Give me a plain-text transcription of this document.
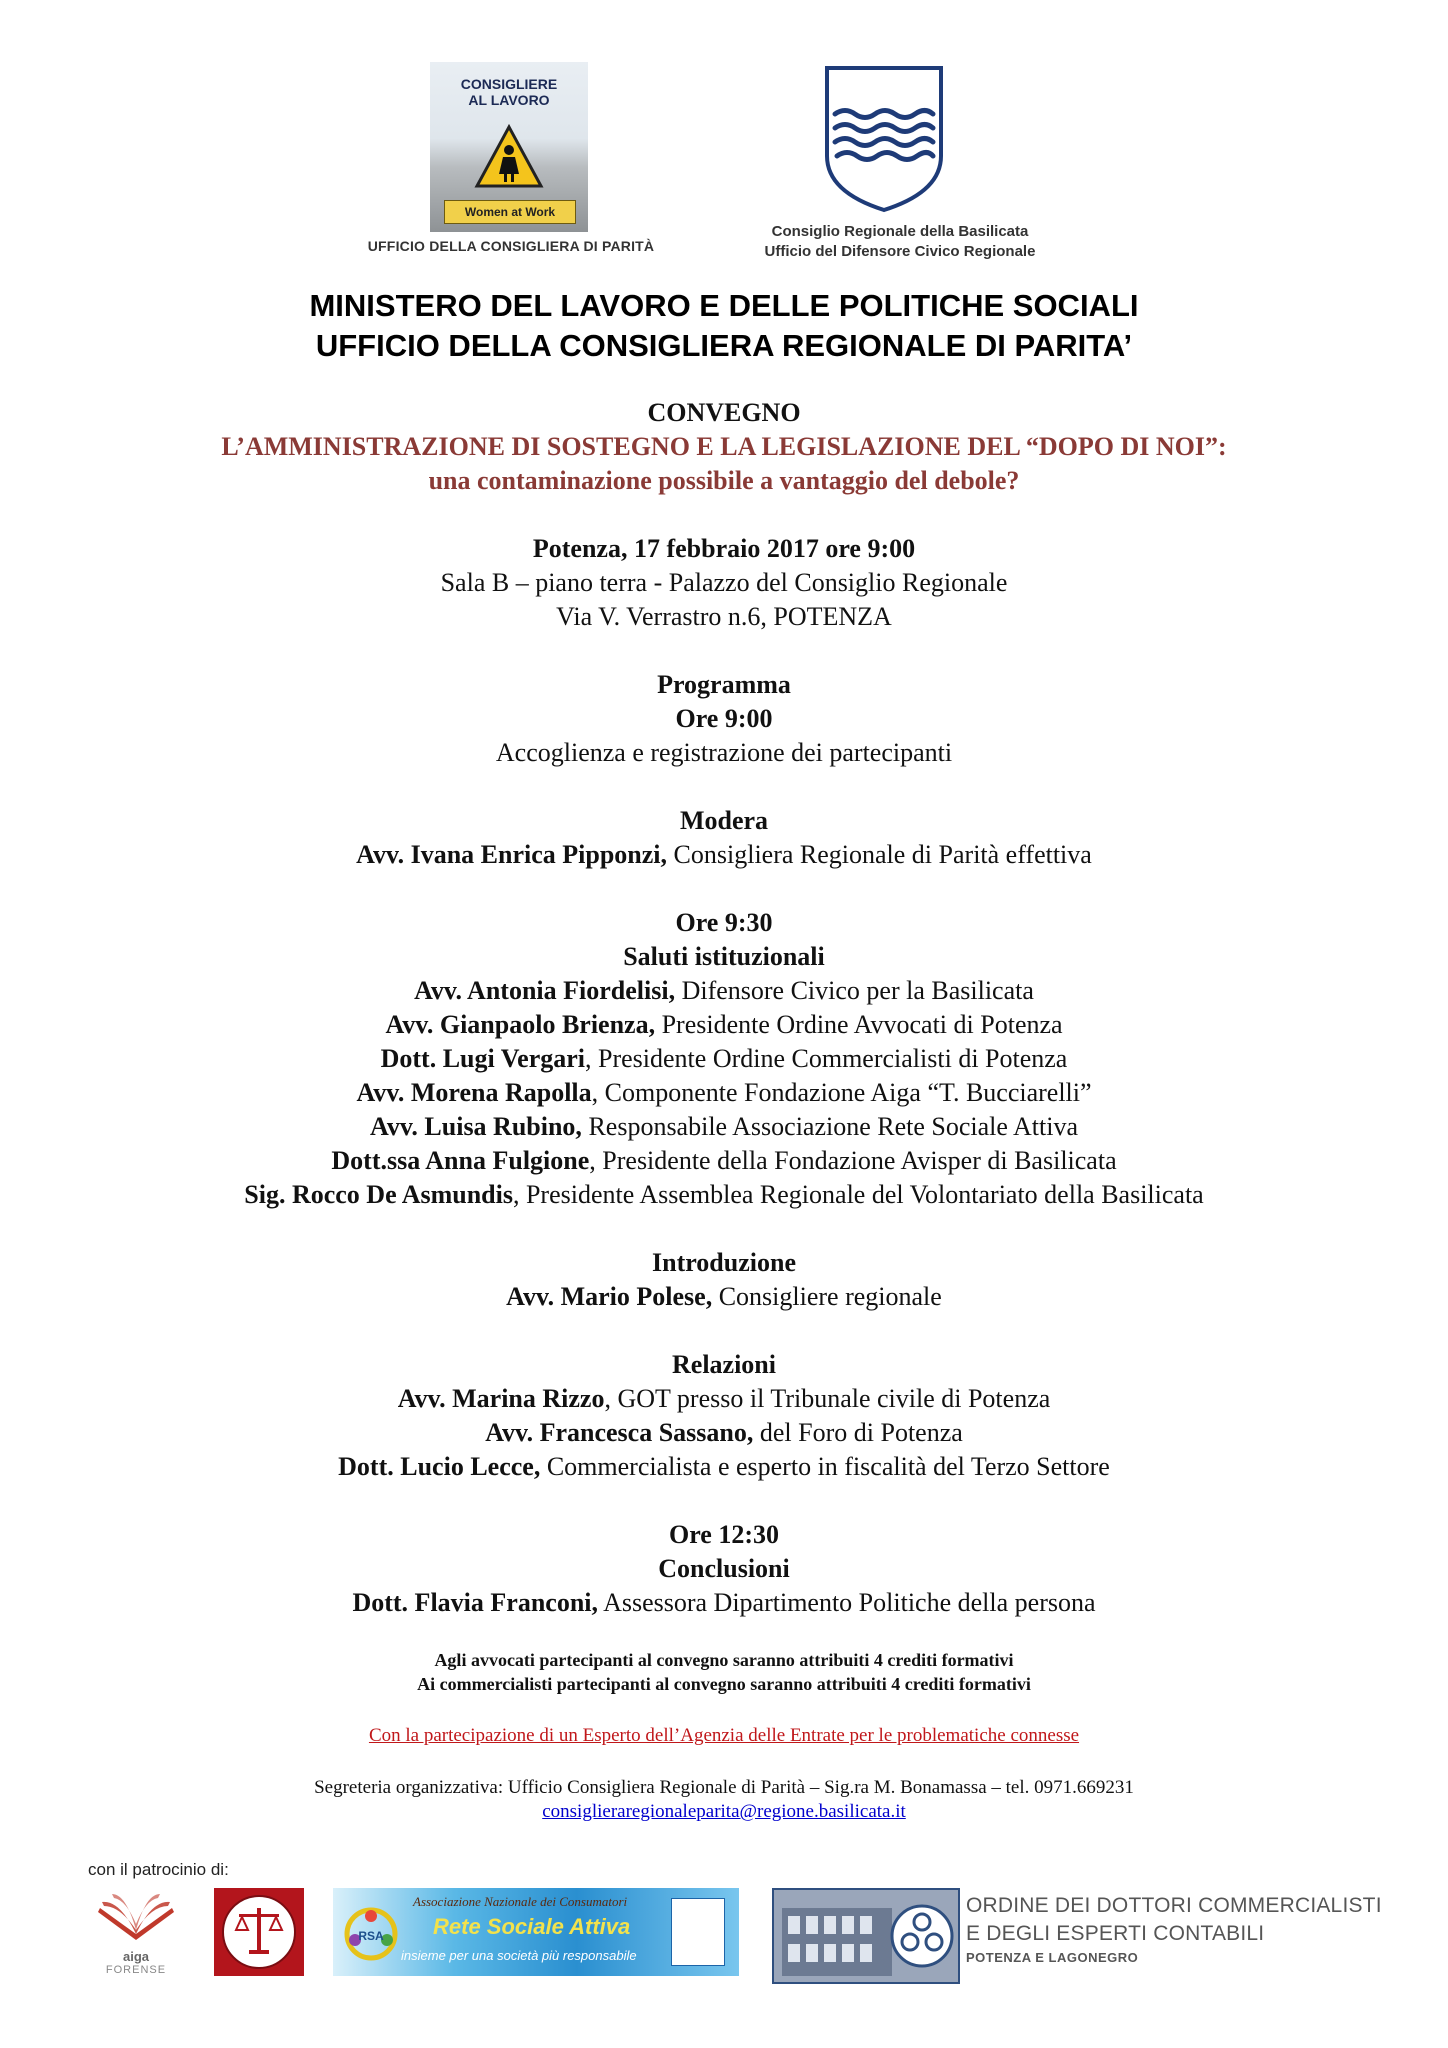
CONSIGLIERE
AL LAVORO
Women at Work
UFFICIO DELLA CONSIGLIERA DI PARITÀ
Consiglio Regionale della Basilicata
Ufficio del Difensore Civico Regionale
MINISTERO DEL LAVORO E DELLE POLITICHE SOCIALI
UFFICIO DELLA CONSIGLIERA REGIONALE DI PARITA’
CONVEGNO
L’AMMINISTRAZIONE DI SOSTEGNO E LA LEGISLAZIONE DEL “DOPO DI NOI”:
una contaminazione possibile a vantaggio del debole?
Potenza, 17 febbraio 2017 ore 9:00
Sala B – piano terra - Palazzo del Consiglio Regionale
Via V. Verrastro n.6, POTENZA
Programma
Ore 9:00
Accoglienza e registrazione dei partecipanti
Modera
Avv. Ivana Enrica Pipponzi, Consigliera Regionale di Parità effettiva
Ore 9:30
Saluti istituzionali
Avv. Antonia Fiordelisi, Difensore Civico per la Basilicata
Avv. Gianpaolo Brienza, Presidente Ordine Avvocati di Potenza
Dott. Lugi Vergari, Presidente Ordine Commercialisti di Potenza
Avv. Morena Rapolla, Componente Fondazione Aiga “T. Bucciarelli”
Avv. Luisa Rubino, Responsabile Associazione Rete Sociale Attiva
Dott.ssa Anna Fulgione, Presidente della Fondazione Avisper di Basilicata
Sig. Rocco De Asmundis, Presidente Assemblea Regionale del Volontariato della Basilicata
Introduzione
Avv. Mario Polese, Consigliere regionale
Relazioni
Avv. Marina Rizzo, GOT presso il Tribunale civile di Potenza
Avv. Francesca Sassano, del Foro di Potenza
Dott. Lucio Lecce, Commercialista e esperto in fiscalità del Terzo Settore
Ore 12:30
Conclusioni
Dott. Flavia Franconi, Assessora Dipartimento Politiche della persona
Agli avvocati partecipanti al convegno saranno attribuiti 4 crediti formativi
Ai commercialisti partecipanti al convegno saranno attribuiti 4 crediti formativi
Con la partecipazione di un Esperto dell’Agenzia delle Entrate per le problematiche connesse
Segreteria organizzativa: Ufficio Consigliera Regionale di Parità – Sig.ra M. Bonamassa – tel. 0971.669231
consiglieraregionaleparita@regione.basilicata.it
con il patrocinio di:
aiga
FORENSE
RSA
Associazione Nazionale dei Consumatori
Rete Sociale Attiva
insieme per una società più responsabile
ORDINE DEI DOTTORI COMMERCIALISTI
E DEGLI ESPERTI CONTABILI
POTENZA E LAGONEGRO
